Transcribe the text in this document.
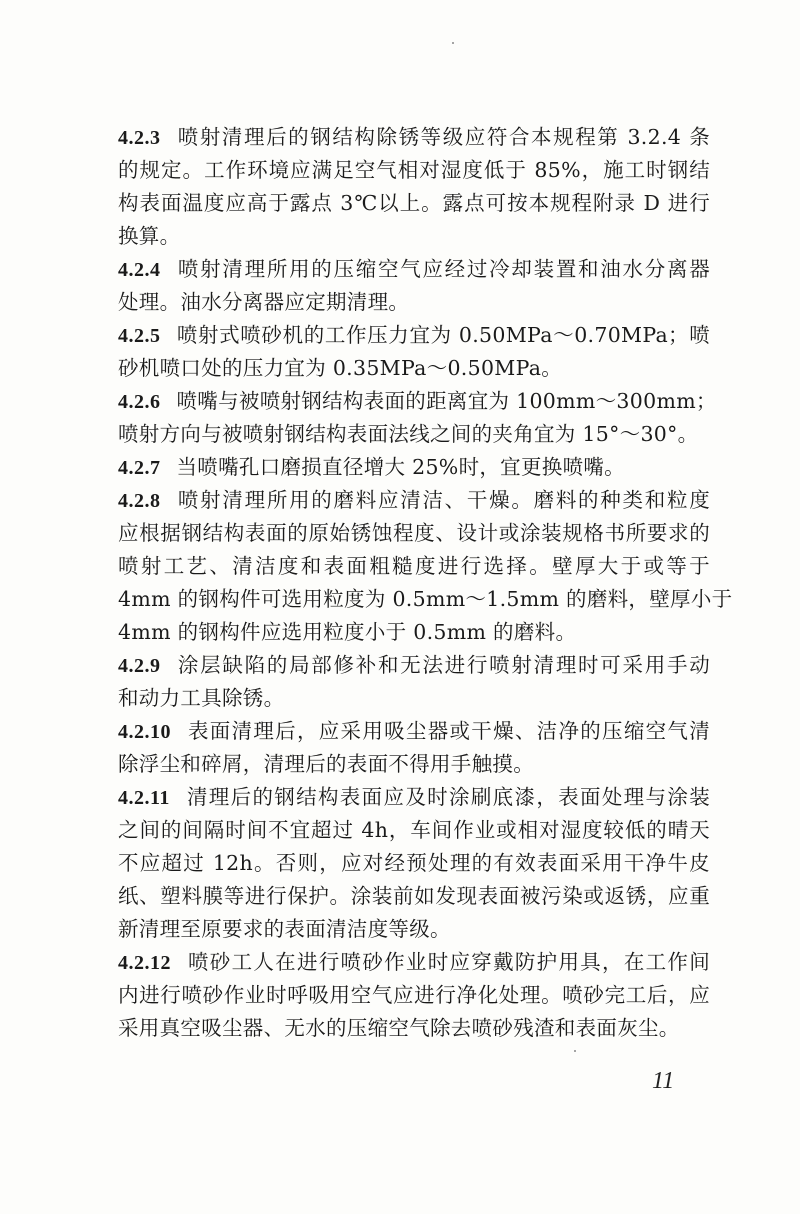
4.2.3 喷射清理后的钢结构除锈等级应符合本规程第 3.2.4 条
的规定。工作环境应满足空气相对湿度低于 85%，施工时钢结
构表面温度应高于露点 3℃以上。露点可按本规程附录 D 进行
换算。
4.2.4 喷射清理所用的压缩空气应经过冷却装置和油水分离器
处理。油水分离器应定期清理。
4.2.5 喷射式喷砂机的工作压力宜为 0.50MPa～0.70MPa；喷
砂机喷口处的压力宜为 0.35MPa～0.50MPa。
4.2.6 喷嘴与被喷射钢结构表面的距离宜为 100mm～300mm；
喷射方向与被喷射钢结构表面法线之间的夹角宜为 15°～30°。
4.2.7 当喷嘴孔口磨损直径增大 25%时，宜更换喷嘴。
4.2.8 喷射清理所用的磨料应清洁、干燥。磨料的种类和粒度
应根据钢结构表面的原始锈蚀程度、设计或涂装规格书所要求的
喷射工艺、清洁度和表面粗糙度进行选择。壁厚大于或等于
4mm 的钢构件可选用粒度为 0.5mm～1.5mm 的磨料，壁厚小于
4mm 的钢构件应选用粒度小于 0.5mm 的磨料。
4.2.9 涂层缺陷的局部修补和无法进行喷射清理时可采用手动
和动力工具除锈。
4.2.10 表面清理后，应采用吸尘器或干燥、洁净的压缩空气清
除浮尘和碎屑，清理后的表面不得用手触摸。
4.2.11 清理后的钢结构表面应及时涂刷底漆，表面处理与涂装
之间的间隔时间不宜超过 4h，车间作业或相对湿度较低的晴天
不应超过 12h。否则，应对经预处理的有效表面采用干净牛皮
纸、塑料膜等进行保护。涂装前如发现表面被污染或返锈，应重
新清理至原要求的表面清洁度等级。
4.2.12 喷砂工人在进行喷砂作业时应穿戴防护用具，在工作间
内进行喷砂作业时呼吸用空气应进行净化处理。喷砂完工后，应
采用真空吸尘器、无水的压缩空气除去喷砂残渣和表面灰尘。
11
